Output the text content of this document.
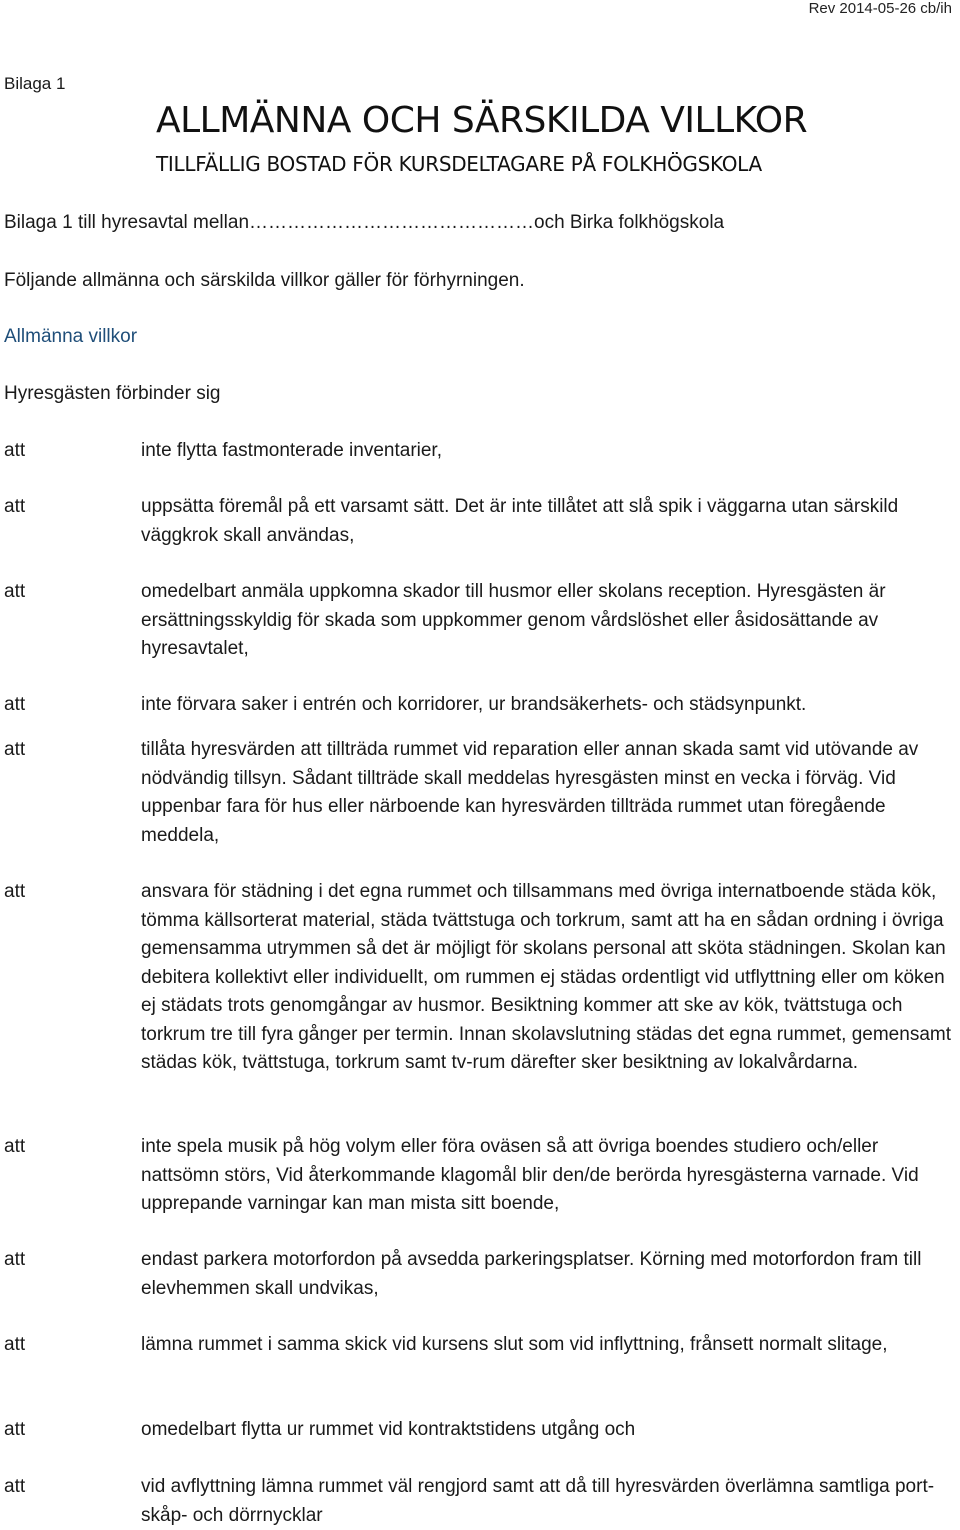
Rev 2014-05-26 cb/ih
Bilaga 1
ALLMÄNNA OCH SÄRSKILDA VILLKOR
TILLFÄLLIG BOSTAD FÖR KURSDELTAGARE PÅ FOLKHÖGSKOLA
Bilaga 1 till hyresavtal mellan………………………………………och Birka folkhögskola
Följande allmänna och särskilda villkor gäller för förhyrningen.
Allmänna villkor
Hyresgästen förbinder sig
att	inte flytta fastmonterade inventarier,
att	uppsätta föremål på ett varsamt sätt. Det är inte tillåtet att slå spik i väggarna utan särskild väggkrok skall användas,
att	omedelbart anmäla uppkomna skador till husmor eller skolans reception. Hyresgästen är ersättningsskyldig för skada som uppkommer genom vårdslöshet eller åsidosättande av hyresavtalet,
att	inte förvara saker i entrén och korridorer, ur brandsäkerhets- och städsynpunkt.
att	tillåta hyresvärden att tillträda rummet vid reparation eller annan skada samt vid utövande av nödvändig tillsyn. Sådant tillträde skall meddelas hyresgästen minst en vecka i förväg. Vid uppenbar fara för hus eller närboende kan hyresvärden tillträda rummet utan föregående meddela,
att	ansvara för städning i det egna rummet och tillsammans med övriga internatboende städa kök, tömma källsorterat material, städa tvättstuga och torkrum, samt att ha en sådan ordning i övriga gemensamma utrymmen så det är möjligt för skolans personal att sköta städningen. Skolan kan debitera kollektivt eller individuellt, om rummen ej städas ordentligt vid utflyttning eller om köken ej städats trots genomgångar av husmor. Besiktning kommer att ske av kök, tvättstuga och torkrum tre till fyra gånger per termin. Innan skolavslutning städas det egna rummet, gemensamt städas kök, tvättstuga, torkrum samt tv-rum därefter sker besiktning av lokalvårdarna.
att	inte spela musik på hög volym eller föra oväsen så att övriga boendes studiero och/eller nattsömn störs, Vid återkommande klagomål blir den/de berörda hyresgästerna varnade. Vid upprepande varningar kan man mista sitt boende,
att	endast parkera motorfordon på avsedda parkeringsplatser. Körning med motorfordon fram till elevhemmen skall undvikas,
att	lämna rummet i samma skick vid kursens slut som vid inflyttning, frånsett normalt slitage,
att	omedelbart flytta ur rummet vid kontraktstidens utgång och
att	vid avflyttning lämna rummet väl rengjord samt att då till hyresvärden överlämna samtliga port- skåp- och dörrnycklar
